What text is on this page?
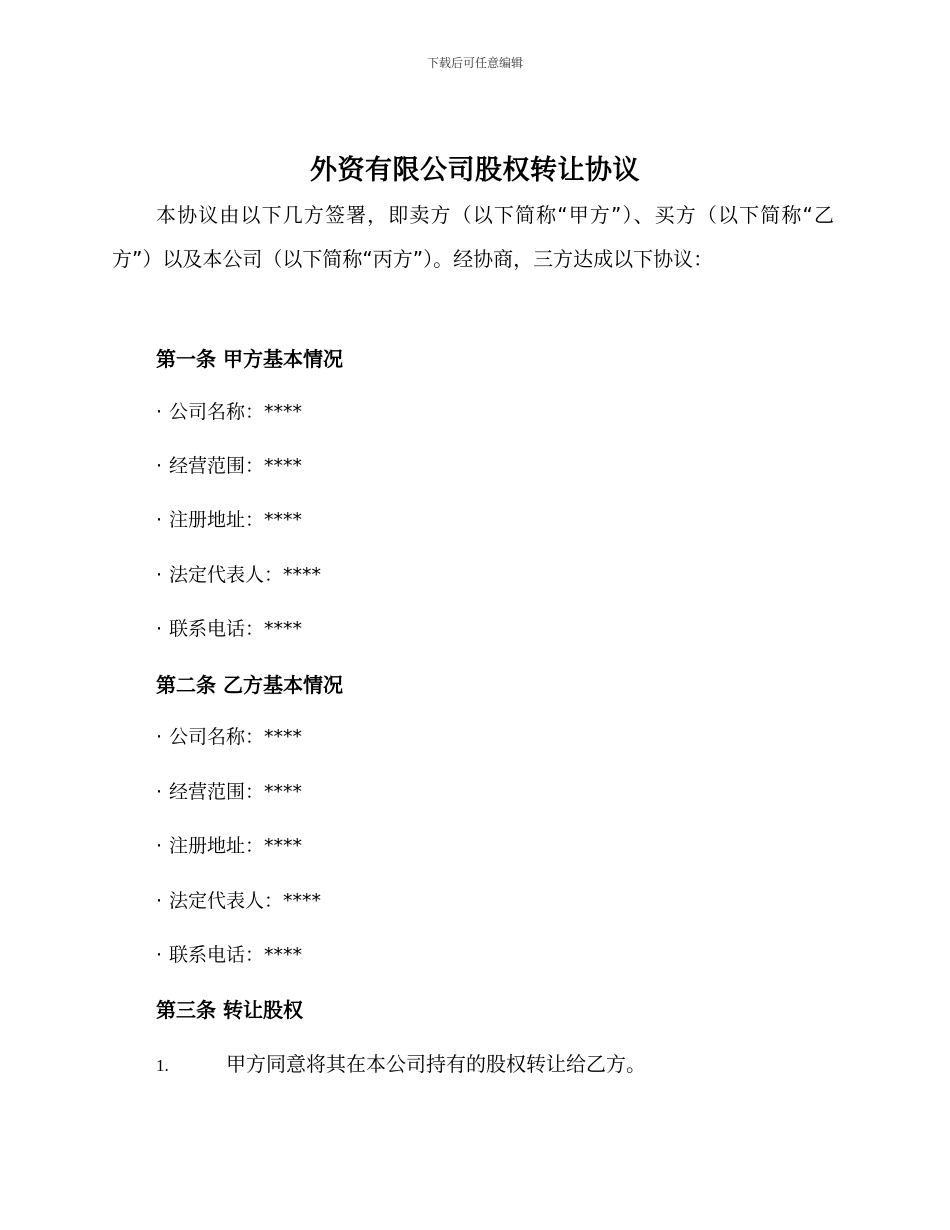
下载后可任意编辑
外资有限公司股权转让协议
本协议由以下几方签署，即卖方（以下简称“甲方”）、买方（以下简称“乙方”）以及本公司（以下简称“丙方”）。经协商，三方达成以下协议：
第一条 甲方基本情况
· 公司名称：****
· 经营范围：****
· 注册地址：****
· 法定代表人：****
· 联系电话：****
第二条 乙方基本情况
· 公司名称：****
· 经营范围：****
· 注册地址：****
· 法定代表人：****
· 联系电话：****
第三条 转让股权
1.	甲方同意将其在本公司持有的股权转让给乙方。
